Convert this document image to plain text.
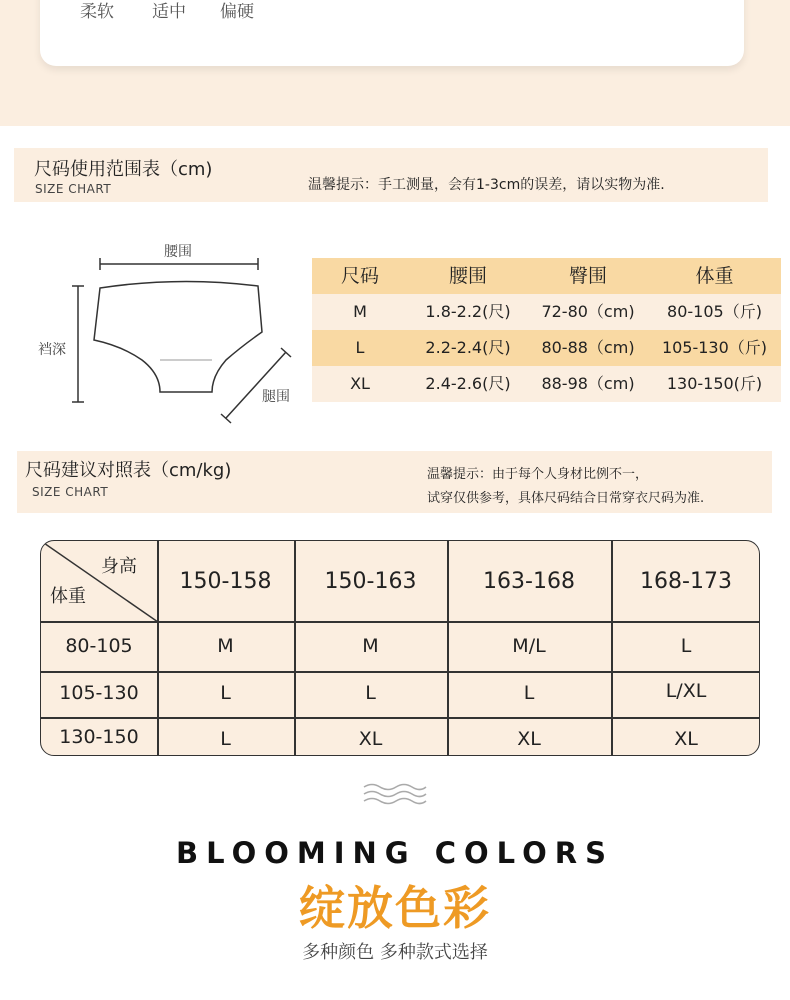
柔软 适中 偏硬
尺码使用范围表（cm)
SIZE CHART	温馨提示：手工测量，会有1-3cm的误差，请以实物为准.
腰围
裆深
腿围
尺码	腰围	臀围	体重
M	1.8-2.2(尺)	72-80（cm)	80-105（斤)
L	2.2-2.4(尺)	80-88（cm)	105-130（斤)
XL	2.4-2.6(尺)	88-98（cm)	130-150(斤)
尺码建议对照表（cm/kg)
SIZE CHART
温馨提示：由于每个人身材比例不一，
试穿仅供参考，具体尺码结合日常穿衣尺码为准.
身高
体重
150-158	150-163	163-168	168-173
80-105	M	M	M/L	L
105-130	L	L	L	L/XL
130-150	L	XL	XL	XL
BLOOMING COLORS
绽放色彩
多种颜色 多种款式选择
